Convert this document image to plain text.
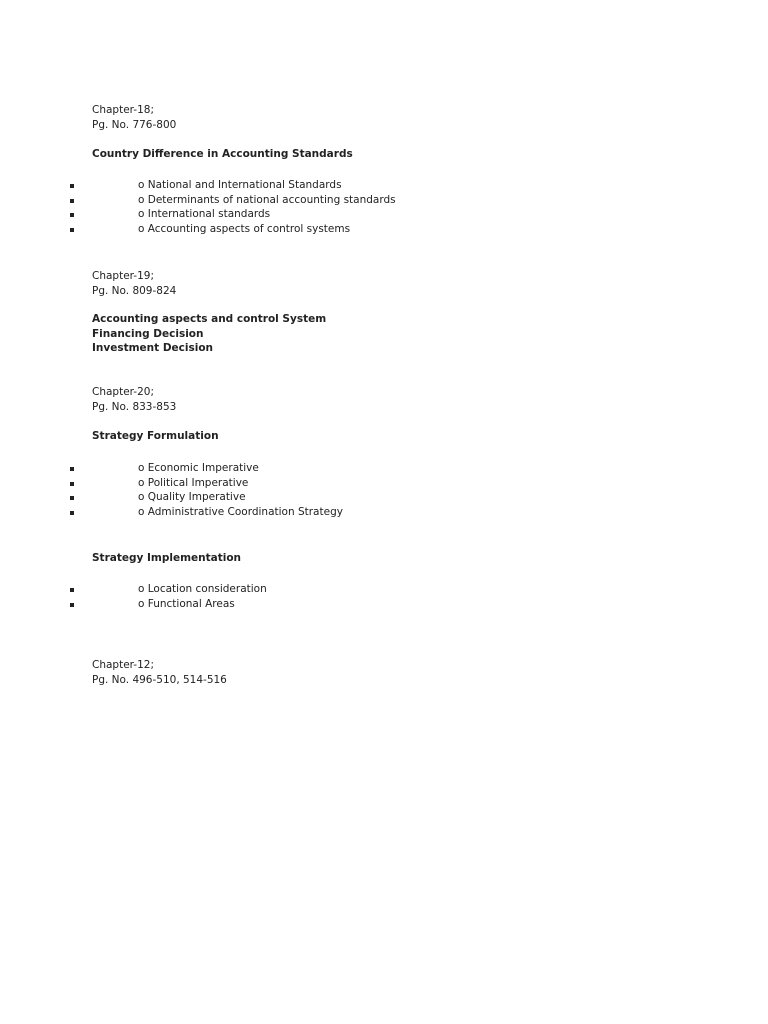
Chapter-18;
Pg. No. 776-800
Country Difference in Accounting Standards
o National and International Standards
o Determinants of national accounting standards
o International standards
o Accounting aspects of control systems
Chapter-19;
Pg. No. 809-824
Accounting aspects and control System
Financing Decision
Investment Decision
Chapter-20;
Pg. No. 833-853
Strategy Formulation
o Economic Imperative
o Political Imperative
o Quality Imperative
o Administrative Coordination Strategy
Strategy Implementation
o Location consideration
o Functional Areas
Chapter-12;
Pg. No. 496-510, 514-516
